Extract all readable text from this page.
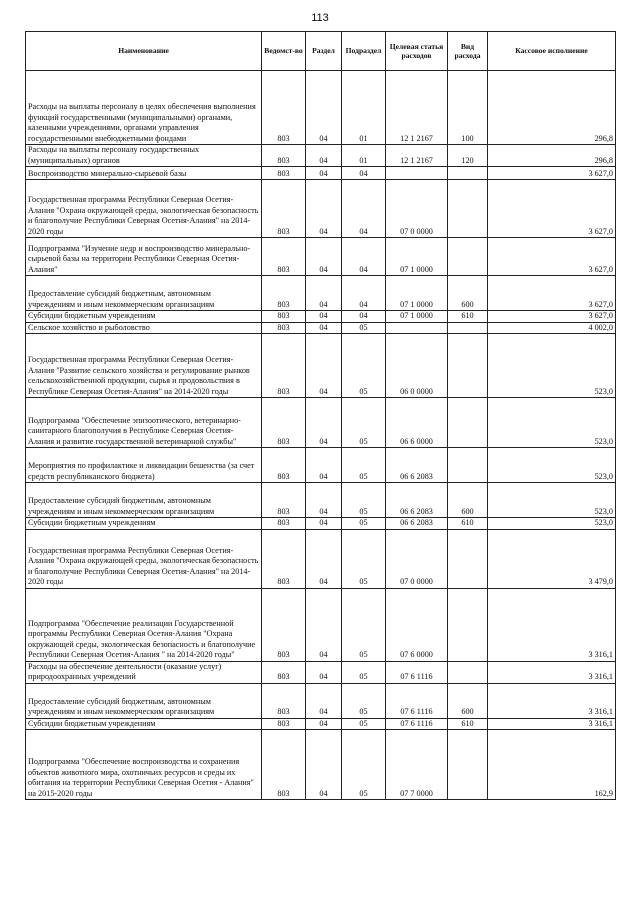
113
Наименование	Ведомст-во	Раздел	Подраздел	Целевая статья расходов	Вид расхода	Кассовое исполнение
Расходы на выплаты персоналу в целях обеспечения выполнения функций государственными (муниципальными) органами, казенными учреждениями, органами управления государственными внебюджетными фондами	803	04	01	12 1 2167	100	296,8
Расходы на выплаты персоналу государственных (муниципальных) органов	803	04	01	12 1 2167	120	296,8
Воспроизводство минерально-сырьевой базы	803	04	04			3 627,0
Государственная программа Республики Северная Осетия-Алания "Охрана окружающей среды, экологическая безопасность и благополучие Республики Северная Осетия-Алания" на 2014-2020 годы	803	04	04	07 0 0000		3 627,0
Подпрограмма "Изучение недр и воспроизводство минерально-сырьевой базы на территории Республики Северная Осетия-Алания"	803	04	04	07 1 0000		3 627,0
Предоставление субсидий бюджетным, автономным учреждениям и иным некоммерческим организациям	803	04	04	07 1 0000	600	3 627,0
Субсидии бюджетным учреждениям	803	04	04	07 1 0000	610	3 627,0
Сельское хозяйство и рыболовство	803	04	05			4 002,0
Государственная программа Республики Северная Осетия-Алания "Развитие сельского хозяйства и регулирование рынков сельскохозяйственной продукции, сырья и продовольствия в Республике Северная Осетия-Алания" на 2014-2020 годы	803	04	05	06 0 0000		523,0
Подпрограмма "Обеспечение эпизоотического, ветеринарно-санитарного благополучия в Республике Северная Осетия-Алания и развитие государственной ветеринарной службы"	803	04	05	06 6 0000		523,0
Мероприятия по профилактике и ликвидации бешенства (за счет средств республиканского бюджета)	803	04	05	06 6 2083		523,0
Предоставление субсидий бюджетным, автономным учреждениям и иным некоммерческим организациям	803	04	05	06 6 2083	600	523,0
Субсидии бюджетным учреждениям	803	04	05	06 6 2083	610	523,0
Государственная программа Республики Северная Осетия-Алания "Охрана окружающей среды, экологическая безопасность и благополучие Республики Северная Осетия-Алания" на 2014-2020 годы	803	04	05	07 0 0000		3 479,0
Подпрограмма "Обеспечение реализации Государственной программы Республики Северная Осетия-Алания "Охрана окружающей среды, экологическая безопасность и благополучие Республики Северная Осетия-Алания " на 2014-2020 годы"	803	04	05	07 6 0000		3 316,1
Расходы на обеспечение деятельности (оказание услуг) природоохранных учреждений	803	04	05	07 6 1116		3 316,1
Предоставление субсидий бюджетным, автономным учреждениям и иным некоммерческим организациям	803	04	05	07 6 1116	600	3 316,1
Субсидии бюджетным учреждениям	803	04	05	07 6 1116	610	3 316,1
Подпрограмма "Обеспечение воспроизводства и сохранения объектов животного мира, охотничьих ресурсов и среды их обитания на территории Республики Северная Осетия - Алания" на 2015-2020 годы	803	04	05	07 7 0000		162,9
